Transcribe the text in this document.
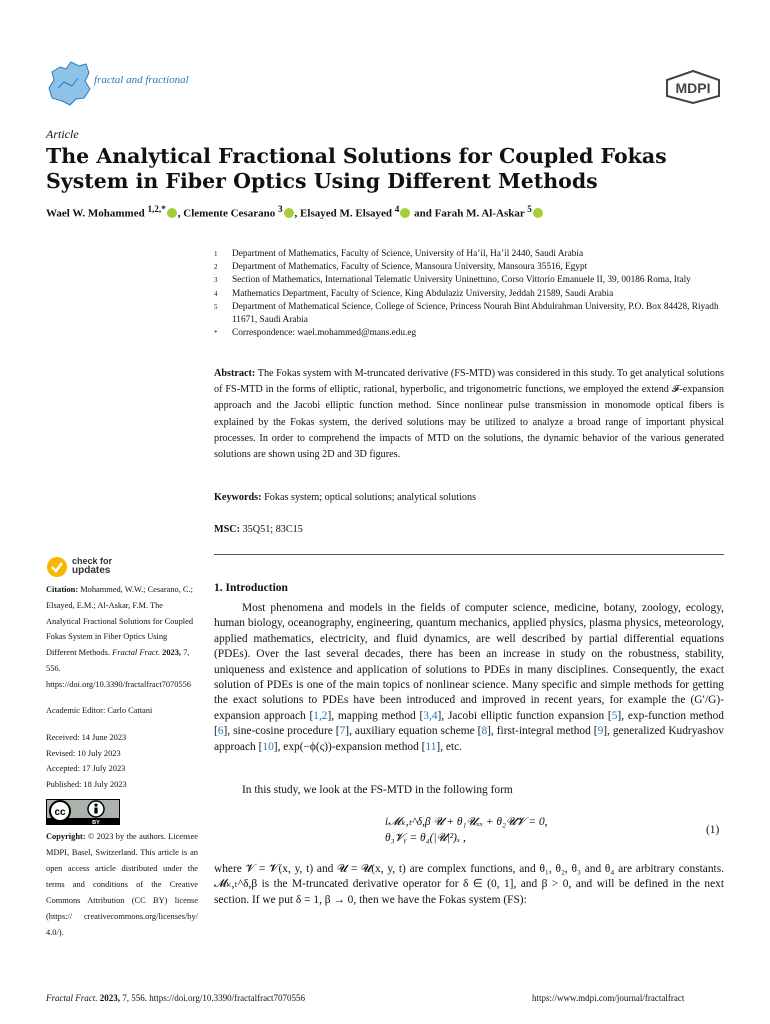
fractal and fractional	MDPI
Article
The Analytical Fractional Solutions for Coupled Fokas System in Fiber Optics Using Different Methods
Wael W. Mohammed $^{1,2,*}$ , Clemente Cesarano $^3$ , Elsayed M. Elsayed $^4$ and Farah M. Al-Askar $^5$
1	Department of Mathematics, Faculty of Science, University of Ha’il, Ha’il 2440, Saudi Arabia
2	Department of Mathematics, Faculty of Science, Mansoura University, Mansoura 35516, Egypt
3	Section of Mathematics, International Telematic University Uninettuno, Corso Vittorio Emanuele II, 39, 00186 Roma, Italy
4	Mathematics Department, Faculty of Science, King Abdulaziz University, Jeddah 21589, Saudi Arabia
5	Department of Mathematical Science, College of Science, Princess Nourah Bint Abdulrahman University, P.O. Box 84428, Riyadh 11671, Saudi Arabia
*	Correspondence: wael.mohammed@mans.edu.eg
Abstract: The Fokas system with M-truncated derivative (FS-MTD) was considered in this study. To get analytical solutions of FS-MTD in the forms of elliptic, rational, hyperbolic, and trigonometric functions, we employed the extend 𝓕-expansion approach and the Jacobi elliptic function method. Since nonlinear pulse transmission in monomode optical fibers is explained by the Fokas system, the derived solutions may be utilized to analyze a broad range of important physical processes. In order to comprehend the impacts of MTD on the solutions, the dynamic behavior of the various generated solutions are shown using 2D and 3D figures.
Keywords: Fokas system; optical solutions; analytical solutions
MSC: 35Q51; 83C15
check for
updates
Citation: Mohammed, W.W.; Cesarano, C.; Elsayed, E.M.; Al-Askar, F.M. The Analytical Fractional Solutions for Coupled Fokas System in Fiber Optics Using Different Methods. Fractal Fract. 2023, 7, 556. https://doi.org/10.3390/fractalfract7070556
Academic Editor: Carlo Cattani
Received: 14 June 2023
Revised: 10 July 2023
Accepted: 17 July 2023
Published: 18 July 2023
cc
BY
Copyright: © 2023 by the authors. Licensee MDPI, Basel, Switzerland. This article is an open access article distributed under the terms and conditions of the Creative Commons Attribution (CC BY) license (https:// creativecommons.org/licenses/by/ 4.0/).
1. Introduction
Most phenomena and models in the fields of computer science, medicine, botany, zoology, ecology, human biology, oceanography, engineering, quantum mechanics, applied physics, plasma physics, meteorology, applied mathematics, electricity, and fluid dynamics, are well described by partial differential equations (PDEs). Over the last several decades, there has been an increase in study on the robustness, stability, uniqueness and existence and application of solutions to PDEs in many disciplines. Consequently, the exact solution of PDEs is one of the main topics of nonlinear science. Many specific and simple methods for getting the exact solutions to PDEs have been introduced and improved in recent years, for example the (G′/G)-expansion approach [1,2], mapping method [3,4], Jacobi elliptic function expansion [5], exp-function method [6], sine-cosine procedure [7], auxiliary equation scheme [8], first-integral method [9], generalized Kudryashov approach [10], exp(−ϕ(ς))-expansion method [11], etc.
In this study, we look at the FS-MTD in the following form
i𝓜ₖ,ₜ^δ,β 𝓤 + θ₁𝓤ₓₓ + θ₂𝓤𝓥 = 0,
θ₃𝓥ᵧ = θ₄(|𝓤|²)ₓ ,
(1)
where 𝓥 = 𝓥(x, y, t) and 𝓤 = 𝓤(x, y, t) are complex functions, and θ₁, θ₂, θ₃ and θ₄ are arbitrary constants. 𝓜ₖ,ₜ^δ,β is the M-truncated derivative operator for δ ∈ (0, 1], and β > 0, and will be defined in the next section. If we put δ = 1, β → 0, then we have the Fokas system (FS):
Fractal Fract. 2023, 7, 556. https://doi.org/10.3390/fractalfract7070556	https://www.mdpi.com/journal/fractalfract
